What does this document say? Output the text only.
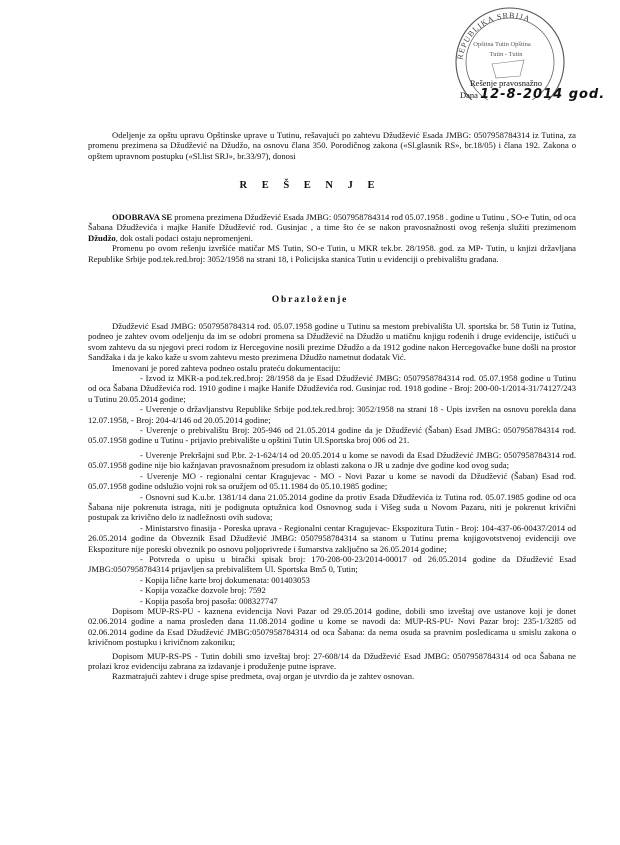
REPUBLIKA SRBIJA
Opština Tutin Opština
Tutin - Tutin
Rešenje pravosnažno

Dana 12-8-2014 god.

Odeljenje za opštu upravu Opštinske uprave u Tutinu, rešavajući po zahtevu Džudžević Esada JMBG: 0507958784314 iz Tutina, za promenu prezimena sa Džudžević na Džudžo, na osnovu člana 350. Porodičnog zakona («Sl.glasnik RS», br.18/05) i člana 192. Zakona o opštem upravnom postupku («Sl.list SRJ», br.33/97), donosi

R E Š E N J E

ODOBRAVA SE promena prezimena Džudžević Esada JMBG: 0507958784314 rođ 05.07.1958 . godine u Tutinu , SO-e Tutin, od oca Šabana Džudževića i majke Hanife Džudžević rod. Gusinjac , a time što će se nakon pravosnažnosti ovog rešenja služiti prezimenom Džudžo, dok ostali podaci ostaju nepromenjeni.

Promenu po ovom rešenju izvršiće matičar MS Tutin, SO-e Tutin, u MKR tek.br. 28/1958. god. za MP- Tutin, u knjizi državljana Republike Srbije pod.tek.red.broj: 3052/1958 na strani 18, i Policijska stanica Tutin u evidenciji o prebivalištu građana.

Obrazloženje

Džudžević Esad JMBG: 0507958784314 rođ. 05.07.1958 godine u Tutinu sa mestom prebivališta Ul. sportska br. 58 Tutin iz Tutina, podneo je zahtev ovom odeljenju da im se odobri promena sa Džudžević na Džudžo u matičnu knjigu rođenih i druge evidencije, ističući u svom zahtevu da su njegovi preci rodom iz Hercegovine nosili prezime Džudžo a da 1912 godine nakon Hercegovačke bune došli na prostor Sandžaka i da je kako kaže u svom zahtevu mesto prezimena Džudžo nametnut dodatak Vić.

Imenovani je pored zahteva podneo ostalu prateću dokumentaciju:

- Izvod iz MKR-a pod.tek.red.broj: 28/1958 da je Esad Džudžević JMBG: 0507958784314 rođ. 05.07.1958 godine u Tutinu od oca Šabana Džudževića rod. 1910 godine i majke Hanife Džudževića rod. Gusinjac rod. 1918 godine - Broj: 200-00-1/2014-31/74127/243 u Tutinu 20.05.2014 godine;

- Uverenje o državljanstvu Republike Srbije pod.tek.red.broj: 3052/1958 na strani 18 - Upis izvršen na osnovu porekla dana 12.07.1958, - Broj: 204-4/146 od 20.05.2014 godine;

- Uverenje o prebivalištu Broj: 205-946 od 21.05.2014 godine da je Džudžević (Šaban) Esad JMBG: 0507958784314 rođ. 05.07.1958 godine u Tutinu - prijavio prebivalište u opštini Tutin Ul.Sportska broj 006 od 21.

- Uverenje Prekršajni sud P.br. 2-1-624/14 od 20.05.2014 u kome se navodi da Esad Džudžević JMBG: 0507958784314 rođ. 05.07.1958 godine nije bio kažnjavan pravosnažnom presudom iz oblasti zakona o JR u zadnje dve godine kod ovog suda;

- Uverenje MO - regionalni centar Kragujevac - MO - Novi Pazar u kome se navodi da Džudžević (Šaban) Esad rođ. 05.07.1958 godine odslužio vojni rok sa oružjem od 05.11.1984 do 05.10.1985 godine;

- Osnovni sud K.u.br. 1381/14 dana 21.05.2014 godine da protiv Esada Džudževića iz Tutina rođ. 05.07.1985 godine od oca Šabana nije pokrenuta istraga, niti je podignuta optužnica kod Osnovnog suda i Višeg suda u Novom Pazaru, niti je pokrenut krivični postupak za krivično delo iz nadležnosti ovih sudova;

- Ministarstvo finasija - Poreska uprava - Regionalni centar Kragujevac- Ekspozitura Tutin - Broj: 104-437-06-00437/2014 od 26.05.2014 godine da Obveznik Esad Džudžević JMBG: 0507958784314 sa stanom u Tutinu prema knjigovotstvenoj evidenciji ove Ekspoziture nije poreski obveznik po osnovu poljoprivrede i šumarstva zaključno sa 26.05.2014 godine;

- Potvreda o upisu u birački spisak broj: 170-208-00-23/2014-00017 od 26.05.2014 godine da Džudžević Esad JMBG:0507958784314 prijavljen sa prebivalištem Ul. Sportska Bm5 0, Tutin;

- Kopija lične karte broj dokumenata: 001403053

- Kopija vozačke dozvole broj: 7592

- Kopija pasoša broj pasoša: 008327747

Dopisom MUP-RS-PU - kaznena evidencija Novi Pazar od 29.05.2014 godine, dobili smo izveštaj ove ustanove koji je donet 02.06.2014 godine a nama prosleđen dana 11.08.2014 godine u kome se navodi da: MUP-RS-PU- Novi Pazar broj: 235-1/3285 od 02.06.2014 godine da Esad Džudžević JMBG:0507958784314 od oca Šabana: da nema osuda sa pravnim posledicama u smislu zakona o krivičnom postupku i krivičnom zakoniku;

Dopisom MUP-RS-PS - Tutin dobili smo izveštaj broj: 27-608/14 da Džudžević Esad JMBG: 0507958784314 od oca Šabana ne prolazi kroz evidenciju zabrana za izdavanje i produženje putne isprave.

Razmatrajući zahtev i druge spise predmeta, ovaj organ je utvrdio da je zahtev osnovan.
